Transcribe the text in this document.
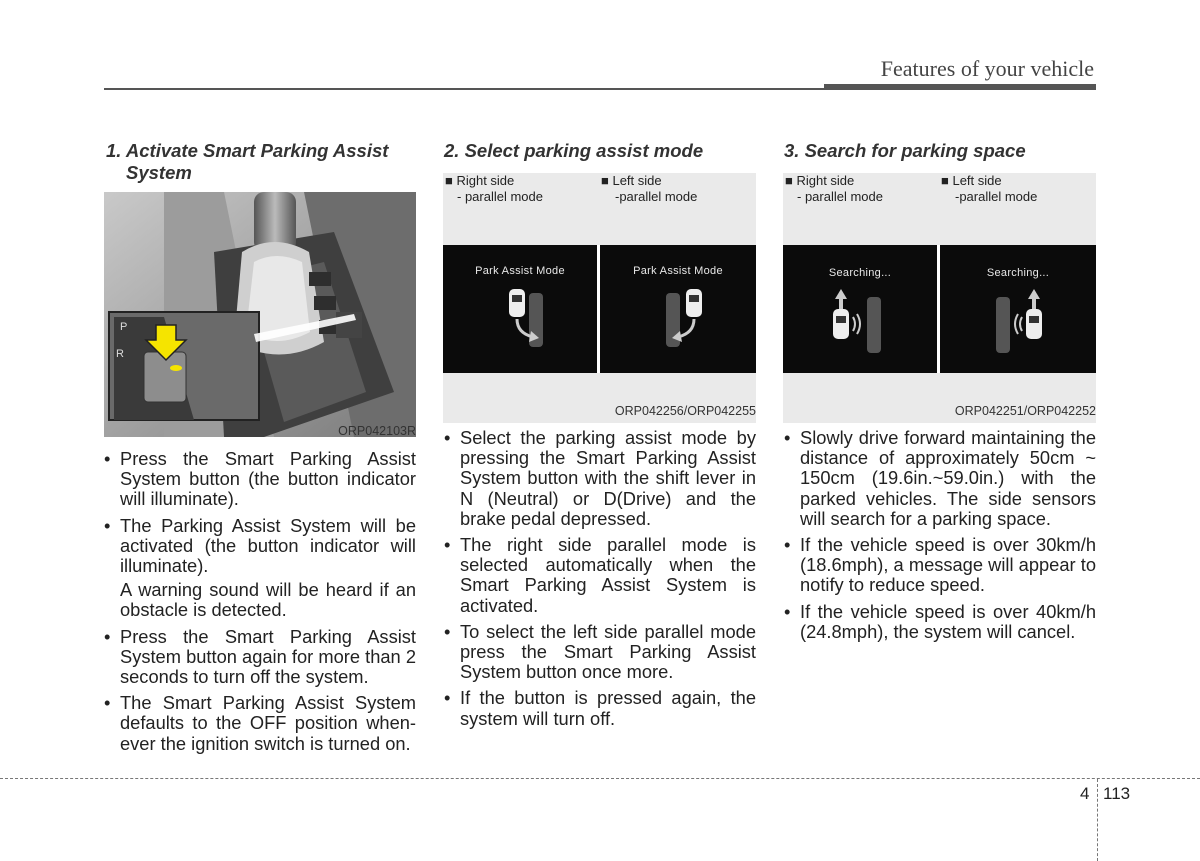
Features of your vehicle
1. Activate Smart Parking Assist
System
P
R
ORP042103R
• Press the Smart Parking Assist System button (the button indicator will illuminate).
• The Parking Assist System will be activated (the button indicator will illuminate).
A warning sound will be heard if an obstacle is detected.
• Press the Smart Parking Assist System button again for more than 2 seconds to turn off the system.
• The Smart Parking Assist System defaults to the OFF position when-ever the ignition switch is turned on.
2. Select parking assist mode
■ Right side
- parallel mode
■ Left side
-parallel mode
Park Assist Mode	Park Assist Mode
ORP042256/ORP042255
• Select the parking assist mode by pressing the Smart Parking Assist System button with the shift lever in N (Neutral) or D(Drive) and the brake pedal depressed.
• The right side parallel mode is selected automatically when the Smart Parking Assist System is activated.
• To select the left side parallel mode press the Smart Parking Assist System button once more.
• If the button is pressed again, the system will turn off.
3. Search for parking space
■ Right side
- parallel mode
■ Left side
-parallel mode
Searching...	Searching...
ORP042251/ORP042252
• Slowly drive forward maintaining the distance of approximately 50cm ~ 150cm (19.6in.~59.0in.) with the parked vehicles. The side sensors will search for a parking space.
• If the vehicle speed is over 30km/h (18.6mph), a message will appear to notify to reduce speed.
• If the vehicle speed is over 40km/h (24.8mph), the system will cancel.
4 113
